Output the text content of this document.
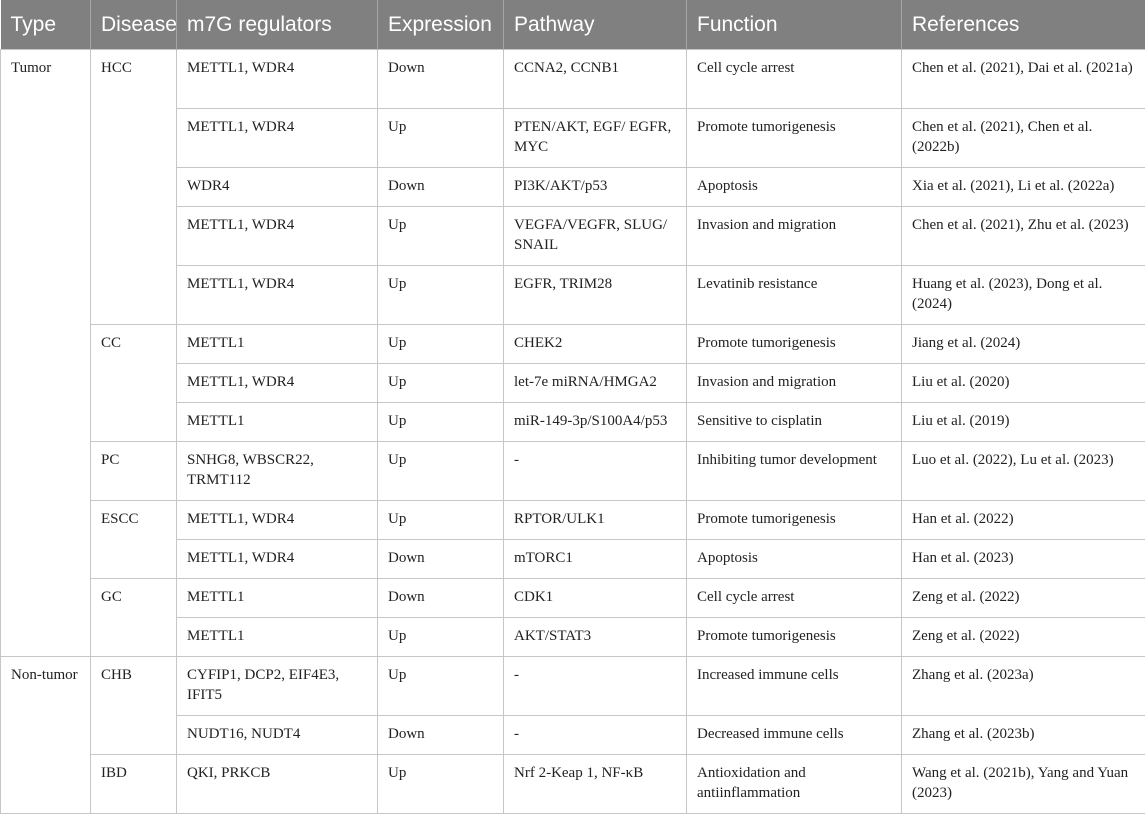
Type	Disease	m7G regulators	Expression	Pathway	Function	References
Tumor	HCC	METTL1, WDR4	Down	CCNA2, CCNB1	Cell cycle arrest	Chen et al. (2021), Dai et al. (2021a)
		METTL1, WDR4	Up	PTEN/AKT, EGF/ EGFR, MYC	Promote tumorigenesis	Chen et al. (2021), Chen et al. (2022b)
		WDR4	Down	PI3K/AKT/p53	Apoptosis	Xia et al. (2021), Li et al. (2022a)
		METTL1, WDR4	Up	VEGFA/VEGFR, SLUG/ SNAIL	Invasion and migration	Chen et al. (2021), Zhu et al. (2023)
		METTL1, WDR4	Up	EGFR, TRIM28	Levatinib resistance	Huang et al. (2023), Dong et al. (2024)
	CC	METTL1	Up	CHEK2	Promote tumorigenesis	Jiang et al. (2024)
		METTL1, WDR4	Up	let-7e miRNA/HMGA2	Invasion and migration	Liu et al. (2020)
		METTL1	Up	miR-149-3p/S100A4/p53	Sensitive to cisplatin	Liu et al. (2019)
	PC	SNHG8, WBSCR22, TRMT112	Up	-	Inhibiting tumor development	Luo et al. (2022), Lu et al. (2023)
	ESCC	METTL1, WDR4	Up	RPTOR/ULK1	Promote tumorigenesis	Han et al. (2022)
		METTL1, WDR4	Down	mTORC1	Apoptosis	Han et al. (2023)
	GC	METTL1	Down	CDK1	Cell cycle arrest	Zeng et al. (2022)
		METTL1	Up	AKT/STAT3	Promote tumorigenesis	Zeng et al. (2022)
Non-tumor	CHB	CYFIP1, DCP2, EIF4E3, IFIT5	Up	-	Increased immune cells	Zhang et al. (2023a)
		NUDT16, NUDT4	Down	-	Decreased immune cells	Zhang et al. (2023b)
	IBD	QKI, PRKCB	Up	Nrf 2-Keap 1, NF-κB	Antioxidation and antiinflammation	Wang et al. (2021b), Yang and Yuan (2023)
